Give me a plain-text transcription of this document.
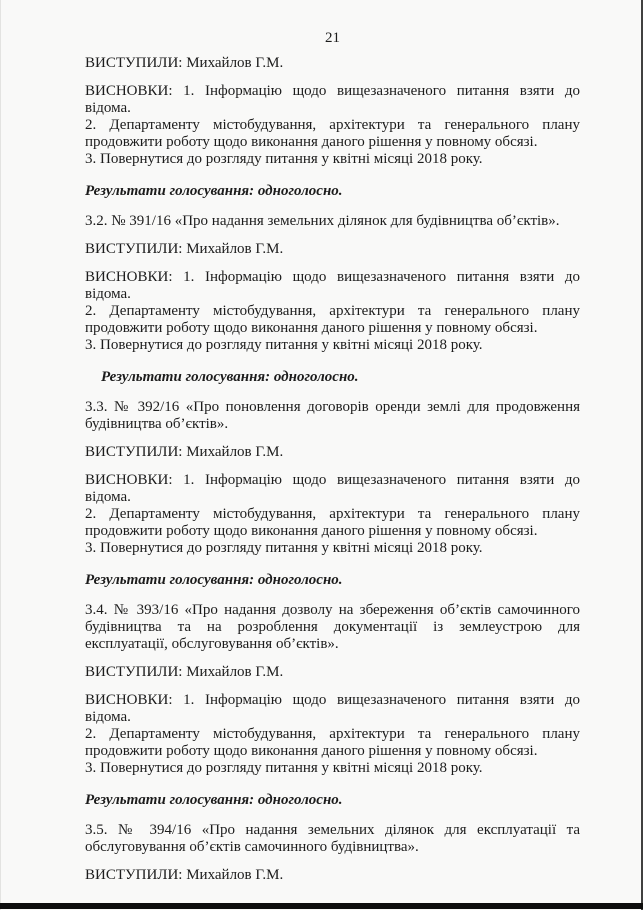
21

ВИСТУПИЛИ: Михайлов Г.М.

ВИСНОВКИ: 1. Інформацію щодо вищезазначеного питання взяти до відома.

2. Департаменту містобудування, архітектури та генерального плану продовжити роботу щодо виконання даного рішення у повному обсязі.

3. Повернутися до розгляду питання у квітні місяці 2018 року.

Результати голосування: одноголосно.

3.2. № 391/16 «Про надання земельних ділянок для будівництва об’єктів».

ВИСТУПИЛИ: Михайлов Г.М.

ВИСНОВКИ: 1. Інформацію щодо вищезазначеного питання взяти до відома.

2. Департаменту містобудування, архітектури та генерального плану продовжити роботу щодо виконання даного рішення у повному обсязі.

3. Повернутися до розгляду питання у квітні місяці 2018 року.

Результати голосування: одноголосно.

3.3. № 392/16 «Про поновлення договорів оренди землі для продовження будівництва об’єктів».

ВИСТУПИЛИ: Михайлов Г.М.

ВИСНОВКИ: 1. Інформацію щодо вищезазначеного питання взяти до відома.

2. Департаменту містобудування, архітектури та генерального плану продовжити роботу щодо виконання даного рішення у повному обсязі.

3. Повернутися до розгляду питання у квітні місяці 2018 року.

Результати голосування: одноголосно.

3.4. № 393/16 «Про надання дозволу на збереження об’єктів самочинного будівництва та на розроблення документації із землеустрою для експлуатації, обслуговування об’єктів».

ВИСТУПИЛИ: Михайлов Г.М.

ВИСНОВКИ: 1. Інформацію щодо вищезазначеного питання взяти до відома.

2. Департаменту містобудування, архітектури та генерального плану продовжити роботу щодо виконання даного рішення у повному обсязі.

3. Повернутися до розгляду питання у квітні місяці 2018 року.

Результати голосування: одноголосно.

3.5. № 394/16 «Про надання земельних ділянок для експлуатації та обслуговування об’єктів самочинного будівництва».

ВИСТУПИЛИ: Михайлов Г.М.
